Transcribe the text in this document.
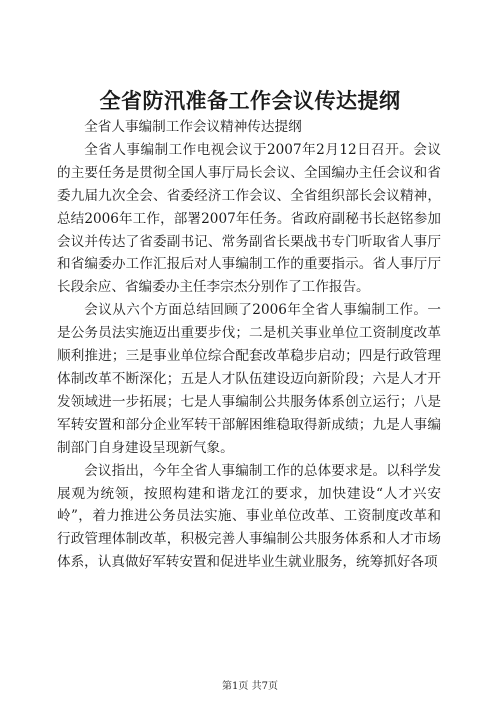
全省防汛准备工作会议传达提纲

全省人事编制工作会议精神传达提纲

全省人事编制工作电视会议于2007年2月12日召开。会议的主要任务是贯彻全国人事厅局长会议、全国编办主任会议和省委九届九次全会、省委经济工作会议、全省组织部长会议精神，总结2006年工作，部署2007年任务。省政府副秘书长赵铭参加会议并传达了省委副书记、常务副省长栗战书专门听取省人事厅和省编委办工作汇报后对人事编制工作的重要指示。省人事厅厅长段余应、省编委办主任李宗杰分别作了工作报告。

会议从六个方面总结回顾了2006年全省人事编制工作。一是公务员法实施迈出重要步伐；二是机关事业单位工资制度改革顺利推进；三是事业单位综合配套改革稳步启动；四是行政管理体制改革不断深化；五是人才队伍建设迈向新阶段；六是人才开发领域进一步拓展；七是人事编制公共服务体系创立运行；八是军转安置和部分企业军转干部解困维稳取得新成绩；九是人事编制部门自身建设呈现新气象。

会议指出，今年全省人事编制工作的总体要求是。以科学发展观为统领，按照构建和谐龙江的要求，加快建设“人才兴安岭”，着力推进公务员法实施、事业单位改革、工资制度改革和行政管理体制改革，积极完善人事编制公共服务体系和人才市场体系，认真做好军转安置和促进毕业生就业服务，统筹抓好各项

第1页 共7页
